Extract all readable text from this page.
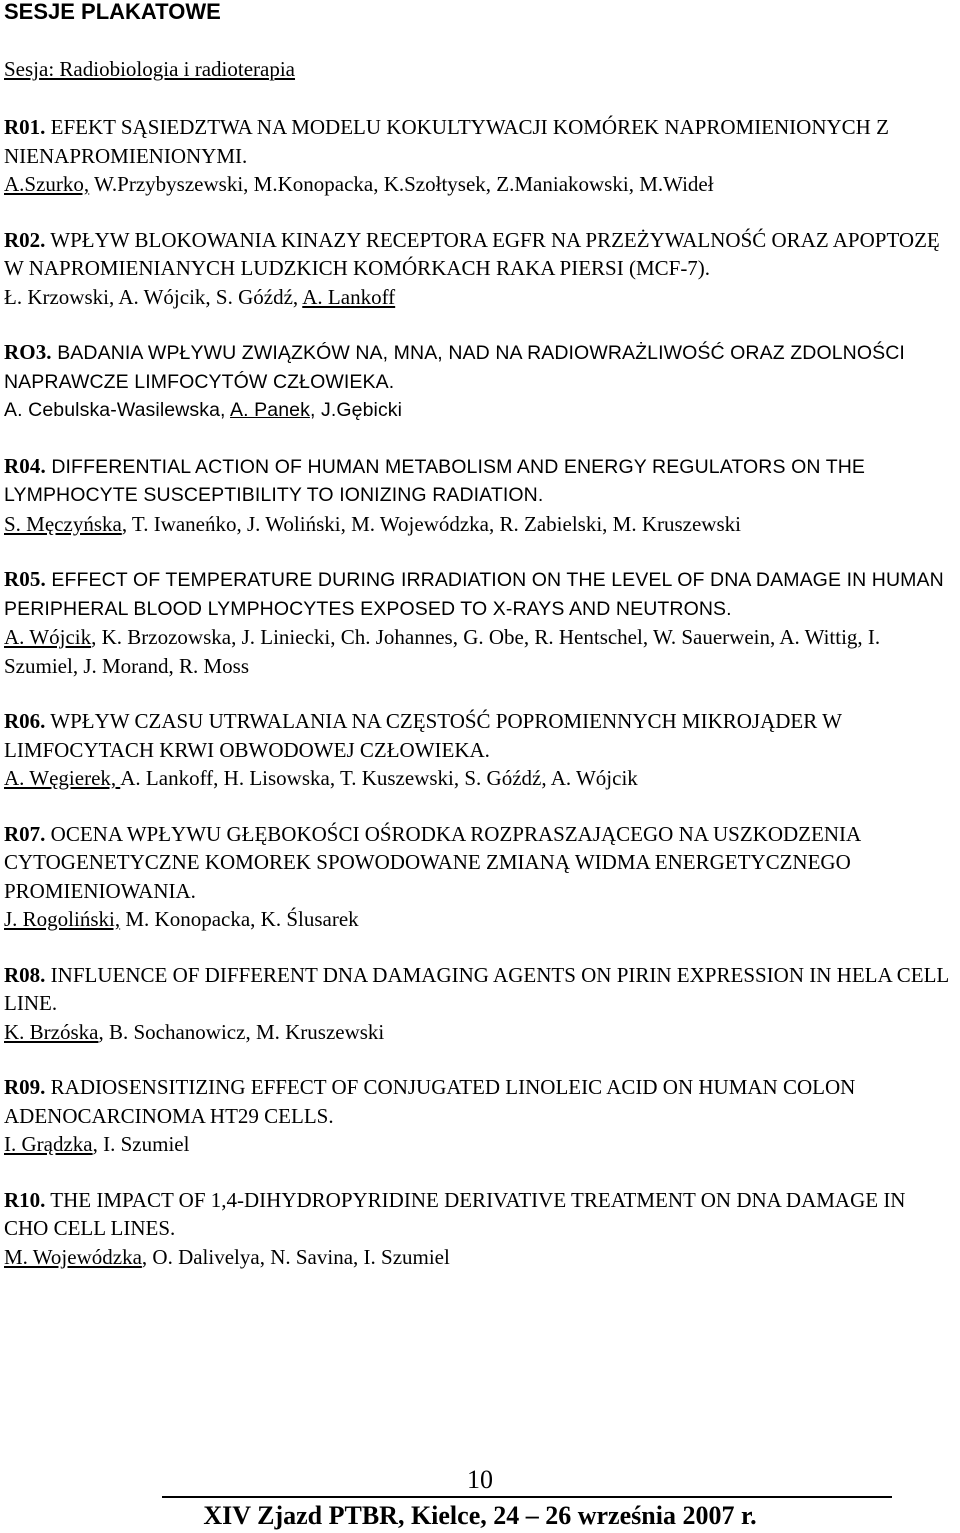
SESJE PLAKATOWE
Sesja: Radiobiologia i radioterapia

R01. EFEKT SĄSIEDZTWA NA MODELU KOKULTYWACJI KOMÓREK NAPROMIENIONYCH Z NIENAPROMIENIONYMI.

A.Szurko, W.Przybyszewski, M.Konopacka, K.Szołtysek, Z.Maniakowski, M.Wideł

R02. WPŁYW BLOKOWANIA KINAZY RECEPTORA EGFR NA PRZEŻYWALNOŚĆ ORAZ APOPTOZĘ W NAPROMIENIANYCH LUDZKICH KOMÓRKACH RAKA PIERSI (MCF-7).

Ł. Krzowski, A. Wójcik, S. Góźdź, A. Lankoff

RO3. BADANIA WPŁYWU ZWIĄZKÓW NA, MNA, NAD NA RADIOWRAŻLIWOŚĆ ORAZ ZDOLNOŚCI NAPRAWCZE LIMFOCYTÓW CZŁOWIEKA.

A. Cebulska-Wasilewska, A. Panek, J.Gębicki

R04. DIFFERENTIAL ACTION OF HUMAN METABOLISM AND ENERGY REGULATORS ON THE LYMPHOCYTE SUSCEPTIBILITY TO IONIZING RADIATION.

S. Męczyńska, T. Iwaneńko, J. Woliński, M. Wojewódzka, R. Zabielski, M. Kruszewski

R05. EFFECT OF TEMPERATURE DURING IRRADIATION ON THE LEVEL OF DNA DAMAGE IN HUMAN PERIPHERAL BLOOD LYMPHOCYTES EXPOSED TO X-RAYS AND NEUTRONS.

A. Wójcik, K. Brzozowska, J. Liniecki, Ch. Johannes, G. Obe, R. Hentschel, W. Sauerwein, A. Wittig, I. Szumiel, J. Morand, R. Moss

R06. WPŁYW CZASU UTRWALANIA NA CZĘSTOŚĆ POPROMIENNYCH MIKROJĄDER W LIMFOCYTACH KRWI OBWODOWEJ CZŁOWIEKA.

A. Węgierek, A. Lankoff, H. Lisowska, T. Kuszewski, S. Góźdź, A. Wójcik

R07. OCENA WPŁYWU GŁĘBOKOŚCI OŚRODKA ROZPRASZAJĄCEGO NA USZKODZENIA CYTOGENETYCZNE KOMOREK SPOWODOWANE ZMIANĄ WIDMA ENERGETYCZNEGO PROMIENIOWANIA.

J. Rogoliński, M. Konopacka, K. Ślusarek

R08. INFLUENCE OF DIFFERENT DNA DAMAGING AGENTS ON PIRIN EXPRESSION IN HELA CELL LINE.

K. Brzóska, B. Sochanowicz, M. Kruszewski

R09. RADIOSENSITIZING EFFECT OF CONJUGATED LINOLEIC ACID ON HUMAN COLON ADENOCARCINOMA HT29 CELLS.

I. Grądzka, I. Szumiel

R10. THE IMPACT OF 1,4-DIHYDROPYRIDINE DERIVATIVE TREATMENT ON DNA DAMAGE IN CHO CELL LINES.

M. Wojewódzka, O. Dalivelya, N. Savina, I. Szumiel

10
XIV Zjazd PTBR, Kielce, 24 – 26 września 2007 r.
